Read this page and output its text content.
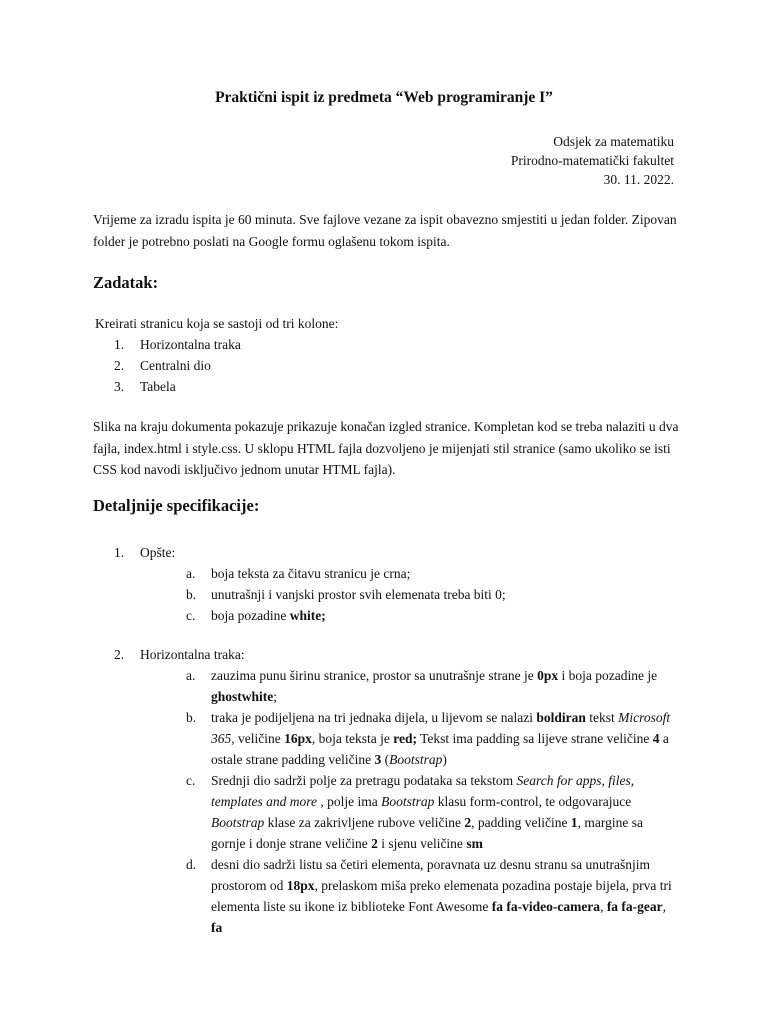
Praktični ispit iz predmeta “Web programiranje I”
Odsjek za matematiku
Prirodno-matematički fakultet
30. 11. 2022.

Vrijeme za izradu ispita je 60 minuta. Sve fajlove vezane za ispit obavezno smjestiti u jedan folder. Zipovan folder je potrebno poslati na Google formu oglašenu tokom ispita.

Zadatak:

Kreirati stranicu koja se sastoji od tri kolone:

1. Horizontalna traka
2. Centralni dio
3. Tabela

Slika na kraju dokumenta pokazuje prikazuje konačan izgled stranice. Kompletan kod se treba nalaziti u dva fajla, index.html i style.css. U sklopu HTML fajla dozvoljeno je mijenjati stil stranice (samo ukoliko se isti CSS kod navodi isključivo jednom unutar HTML fajla).

Detaljnije specifikacije:
1. Opšte:
a. boja teksta za čitavu stranicu je crna;
b. unutrašnji i vanjski prostor svih elemenata treba biti 0;
c. boja pozadine white;
2. Horizontalna traka:
a. zauzima punu širinu stranice, prostor sa unutrašnje strane je 0px i boja pozadine je ghostwhite;
b. traka je podijeljena na tri jednaka dijela, u lijevom se nalazi boldiran tekst Microsoft 365, veličine 16px, boja teksta je red; Tekst ima padding sa lijeve strane veličine 4 a ostale strane padding veličine 3 (Bootstrap)
c. Srednji dio sadrži polje za pretragu podataka sa tekstom Search for apps, files, templates and more , polje ima Bootstrap klasu form-control, te odgovarajuce Bootstrap klase za zakrivljene rubove veličine 2, padding veličine 1, margine sa gornje i donje strane veličine 2 i sjenu veličine sm
d. desni dio sadrži listu sa četiri elementa, poravnata uz desnu stranu sa unutrašnjim prostorom od 18px, prelaskom miša preko elemenata pozadina postaje bijela, prva tri elementa liste su ikone iz biblioteke Font Awesome fa fa-video-camera, fa fa-gear, fa
